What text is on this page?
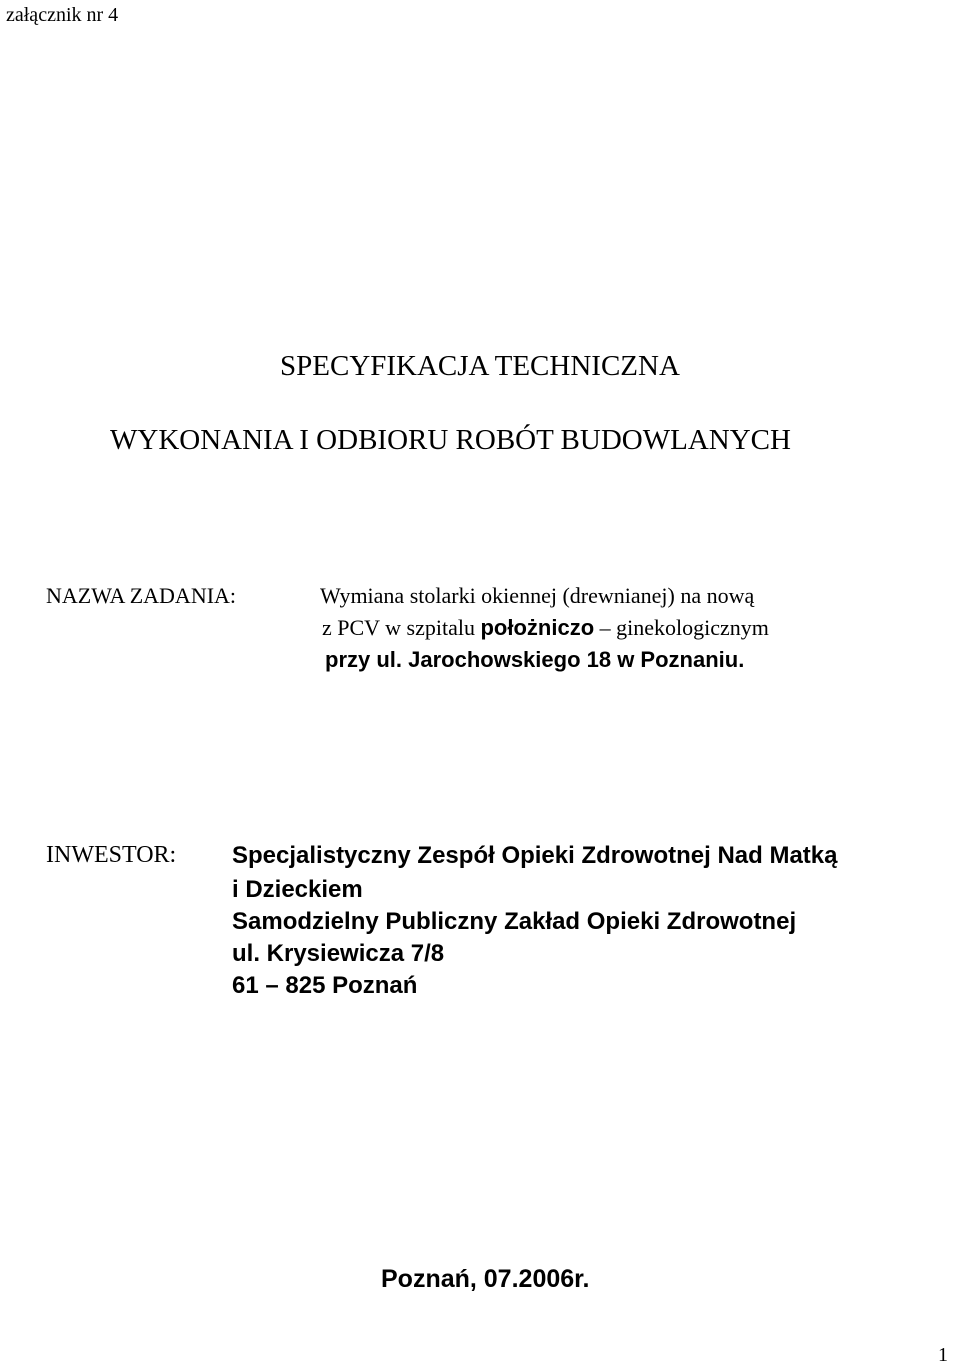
załącznik nr 4
SPECYFIKACJA TECHNICZNA
WYKONANIA I ODBIORU ROBÓT BUDOWLANYCH
NAZWA ZADANIA:	Wymiana stolarki okiennej (drewnianej) na nową
z PCV w szpitalu położniczo – ginekologicznym
przy ul. Jarochowskiego 18 w Poznaniu.
INWESTOR: Specjalistyczny Zespół Opieki Zdrowotnej Nad Matką
i Dzieckiem
Samodzielny Publiczny Zakład Opieki Zdrowotnej
ul. Krysiewicza 7/8
61 – 825 Poznań
Poznań, 07.2006r.
1
